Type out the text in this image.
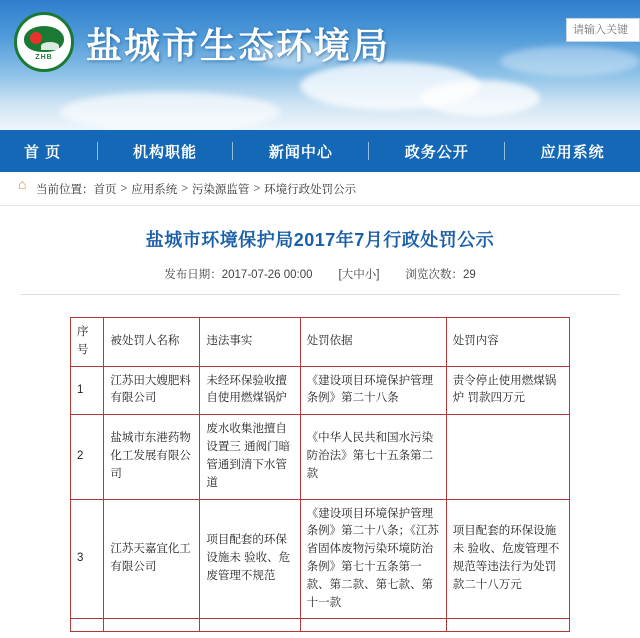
ZHB 盐城市生态环境局
请输入关键
首 页	机构职能	新闻中心	政务公开	应用系统
⌂
当前位置： 首页 > 应用系统 > 污染源监管 > 环境行政处罚公示
盐城市环境保护局2017年7月行政处罚公示
发布日期：2017-07-26 00:00 [大中小] 浏览次数：29
序号	被处罚人名称	违法事实	处罚依据	处罚内容
1	江苏田大嫂肥料有限公司	未经环保验收擅自使用燃煤锅炉	《建设项目环境保护管理条例》第二十八条	责令停止使用燃煤锅炉 罚款四万元
2	盐城市东港药物化工发展有限公司	废水收集池擅自设置三 通阀门暗管通到清下水管道	《中华人民共和国水污染防治法》第七十五条第二款	
3	江苏天嘉宜化工有限公司	项目配套的环保设施未 验收、危废管理不规范	《建设项目环境保护管理条例》第二十八条；《江苏省固体废物污染环境防治条例》第七十五条第一款、第二款、第七款、第十一款	项目配套的环保设施未 验收、危废管理不规范等违法行为处罚款二十八万元
